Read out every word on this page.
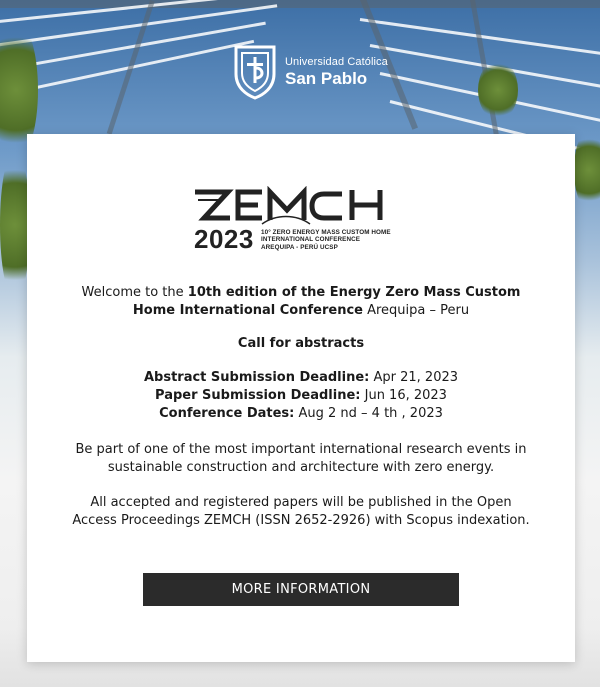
Universidad Católica
San Pablo
2023 10° ZERO ENERGY MASS CUSTOM HOME
INTERNATIONAL CONFERENCE
AREQUIPA - PERÚ UCSP

Welcome to the 10th edition of the Energy Zero Mass Custom Home International Conference Arequipa – Peru

Call for abstracts

Abstract Submission Deadline: Apr 21, 2023

Paper Submission Deadline: Jun 16, 2023

Conference Dates: Aug 2 nd – 4 th , 2023

Be part of one of the most important international research events in sustainable construction and architecture with zero energy.

All accepted and registered papers will be published in the Open Access Proceedings ZEMCH (ISSN 2652-2926) with Scopus indexation.

MORE INFORMATION
